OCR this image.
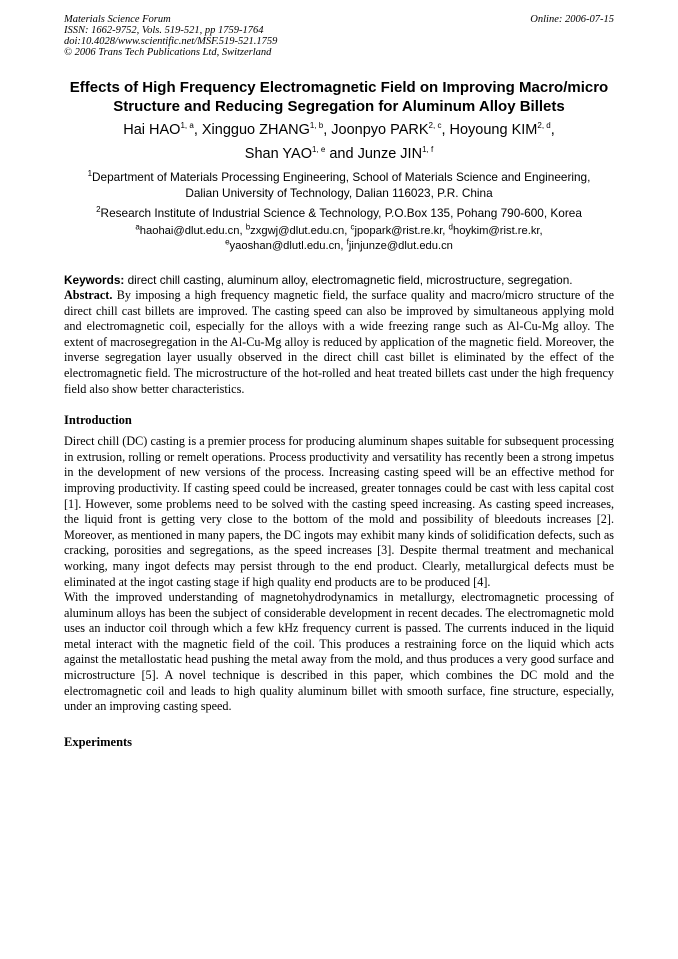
Materials Science Forum
ISSN: 1662-9752, Vols. 519-521, pp 1759-1764
doi:10.4028/www.scientific.net/MSF.519-521.1759
© 2006 Trans Tech Publications Ltd, Switzerland
Online: 2006-07-15
Effects of High Frequency Electromagnetic Field on Improving Macro/micro Structure and Reducing Segregation for Aluminum Alloy Billets
Hai HAO$^{1, a}$, Xingguo ZHANG$^{1, b}$, Joonpyo PARK$^{2, c}$, Hoyoung KIM$^{2, d}$,
Shan YAO$^{1, e}$ and Junze JIN$^{1, f}$
$^1$Department of Materials Processing Engineering, School of Materials Science and Engineering,
Dalian University of Technology, Dalian 116023, P.R. China
$^2$Research Institute of Industrial Science & Technology, P.O.Box 135, Pohang 790-600, Korea
$^a$haohai@dlut.edu.cn, $^b$zxgwj@dlut.edu.cn, $^c$jpopark@rist.re.kr, $^d$hoykim@rist.re.kr,
$^e$yaoshan@dlutl.edu.cn, $^f$jinjunze@dlut.edu.cn
Keywords: direct chill casting, aluminum alloy, electromagnetic field, microstructure, segregation.

Abstract. By imposing a high frequency magnetic field, the surface quality and macro/micro structure of the direct chill cast billets are improved. The casting speed can also be improved by simultaneous applying mold and electromagnetic coil, especially for the alloys with a wide freezing range such as Al-Cu-Mg alloy. The extent of macrosegregation in the Al-Cu-Mg alloy is reduced by application of the magnetic field. Moreover, the inverse segregation layer usually observed in the direct chill cast billet is eliminated by the effect of the electromagnetic field. The microstructure of the hot-rolled and heat treated billets cast under the high frequency field also show better characteristics.

Introduction

Direct chill (DC) casting is a premier process for producing aluminum shapes suitable for subsequent processing in extrusion, rolling or remelt operations. Process productivity and versatility has recently been a strong impetus in the development of new versions of the process. Increasing casting speed will be an effective method for improving productivity. If casting speed could be increased, greater tonnages could be cast with less capital cost [1]. However, some problems need to be solved with the casting speed increasing. As casting speed increases, the liquid front is getting very close to the bottom of the mold and possibility of bleedouts increases [2]. Moreover, as mentioned in many papers, the DC ingots may exhibit many kinds of solidification defects, such as cracking, porosities and segregations, as the speed increases [3]. Despite thermal treatment and mechanical working, many ingot defects may persist through to the end product. Clearly, metallurgical defects must be eliminated at the ingot casting stage if high quality end products are to be produced [4].

With the improved understanding of magnetohydrodynamics in metallurgy, electromagnetic processing of aluminum alloys has been the subject of considerable development in recent decades. The electromagnetic mold uses an inductor coil through which a few kHz frequency current is passed. The currents induced in the liquid metal interact with the magnetic field of the coil. This produces a restraining force on the liquid which acts against the metallostatic head pushing the metal away from the mold, and thus produces a very good surface and microstructure [5]. A novel technique is described in this paper, which combines the DC mold and the electromagnetic coil and leads to high quality aluminum billet with smooth surface, fine structure, especially, under an improving casting speed.

Experiments
